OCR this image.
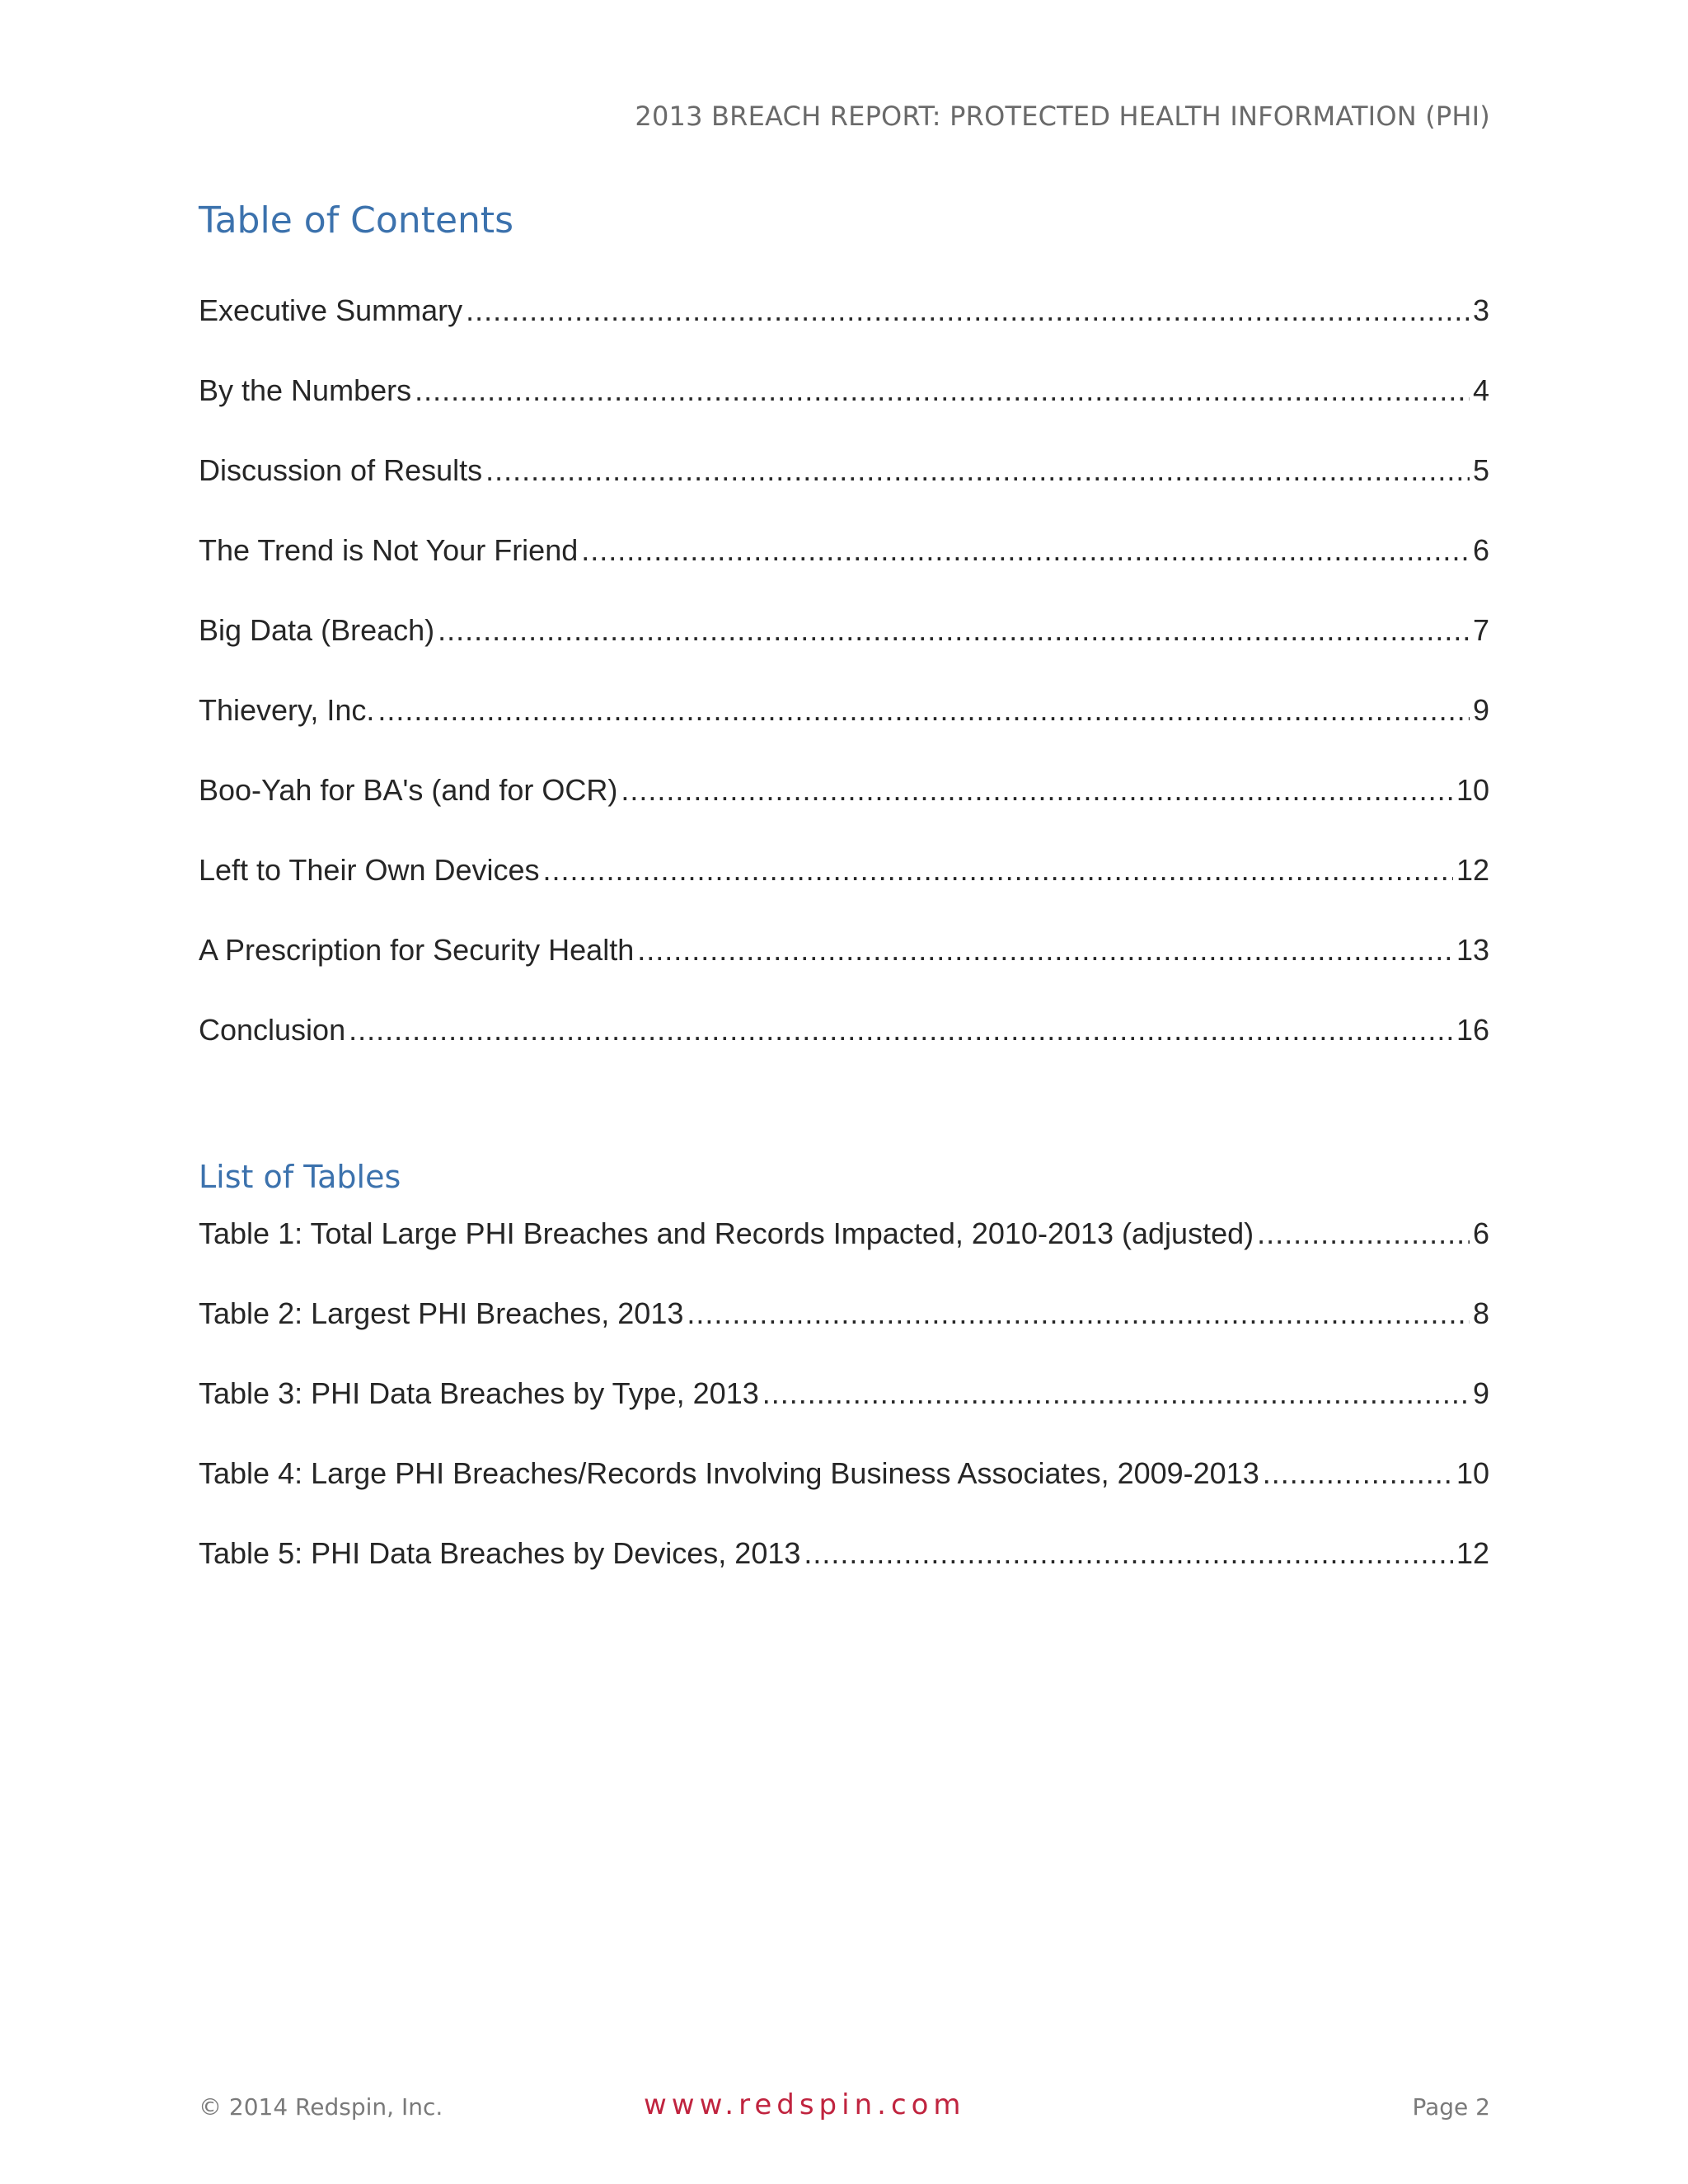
2013 BREACH REPORT: PROTECTED HEALTH INFORMATION (PHI)
Table of Contents
Executive Summary .....	3
By the Numbers .....	4
Discussion of Results .....	5
The Trend is Not Your Friend .....	6
Big Data (Breach) .....	7
Thievery, Inc. .....	9
Boo-Yah for BA's (and for OCR) .....	10
Left to Their Own Devices .....	12
A Prescription for Security Health .....	13
Conclusion .....	16
List of Tables
Table 1: Total Large PHI Breaches and Records Impacted, 2010-2013 (adjusted) .....	6
Table 2: Largest PHI Breaches, 2013 .....	8
Table 3: PHI Data Breaches by Type, 2013 .....	9
Table 4: Large PHI Breaches/Records Involving Business Associates, 2009-2013 .....	10
Table 5: PHI Data Breaches by Devices, 2013 .....	12
© 2014 Redspin, Inc.	www.redspin.com	Page 2
